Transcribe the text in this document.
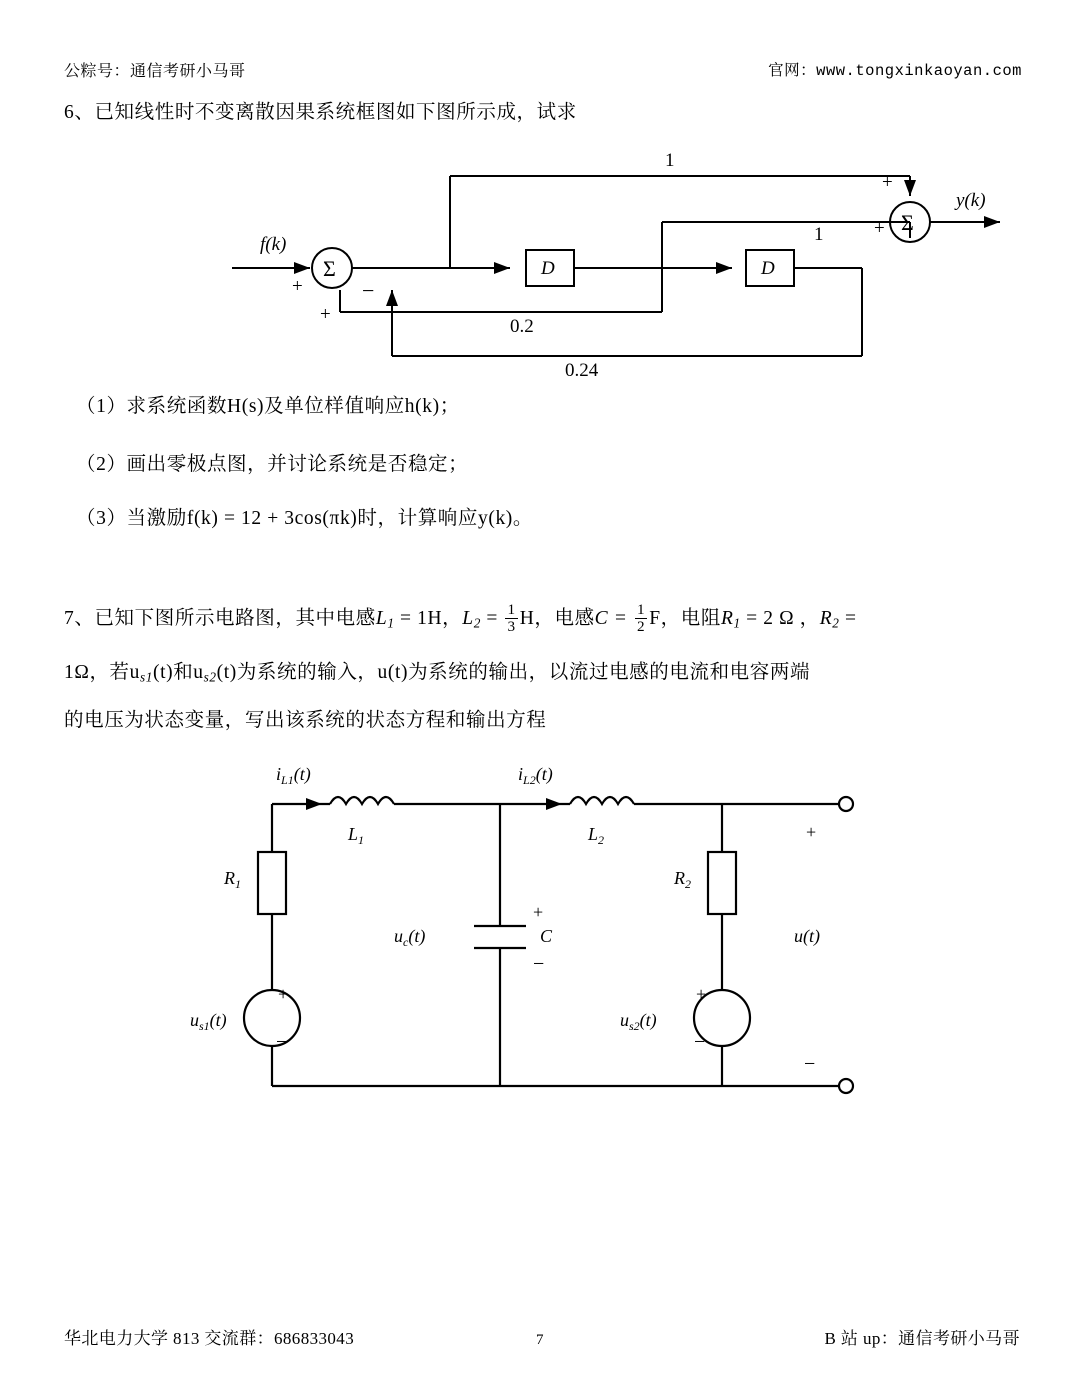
公粽号：通信考研小马哥	官网：www.tongxinkaoyan.com
6、已知线性时不变离散因果系统框图如下图所示成，试求
f(k)
y(k)
Σ
Σ
D	D
1
1
0.2
0.24
+
+
−
+
+
（1）求系统函数H(s)及单位样值响应h(k)；
（2）画出零极点图，并讨论系统是否稳定；
（3）当激励f(k) = 12 + 3cos(πk)时，计算响应y(k)。
7、已知下图所示电路图，其中电感$L_1 = 1H$，$L_2 = \frac{1}{3}$ H，电感$C = \frac{1}{2}$ F，电阻$R_1 = 2$ Ω ，$R_2$ =
1Ω，若$u_{s1}(t)$和$u_{s2}(t)$为系统的输入，u(t)为系统的输出，以流过电感的电流和电容两端
的电压为状态变量，写出该系统的状态方程和输出方程
$i_{L1}(t)$
$L_1$
$i_{L2}(t)$
$L_2$
$R_1$	$R_2$
$u_c(t)$	C
+
−
$u_{s1}(t)$
+
−
$u_{s2}(t)$
+
−
+
−
u(t)
华北电力大学 813 交流群：686833043	7	B 站 up：通信考研小马哥
